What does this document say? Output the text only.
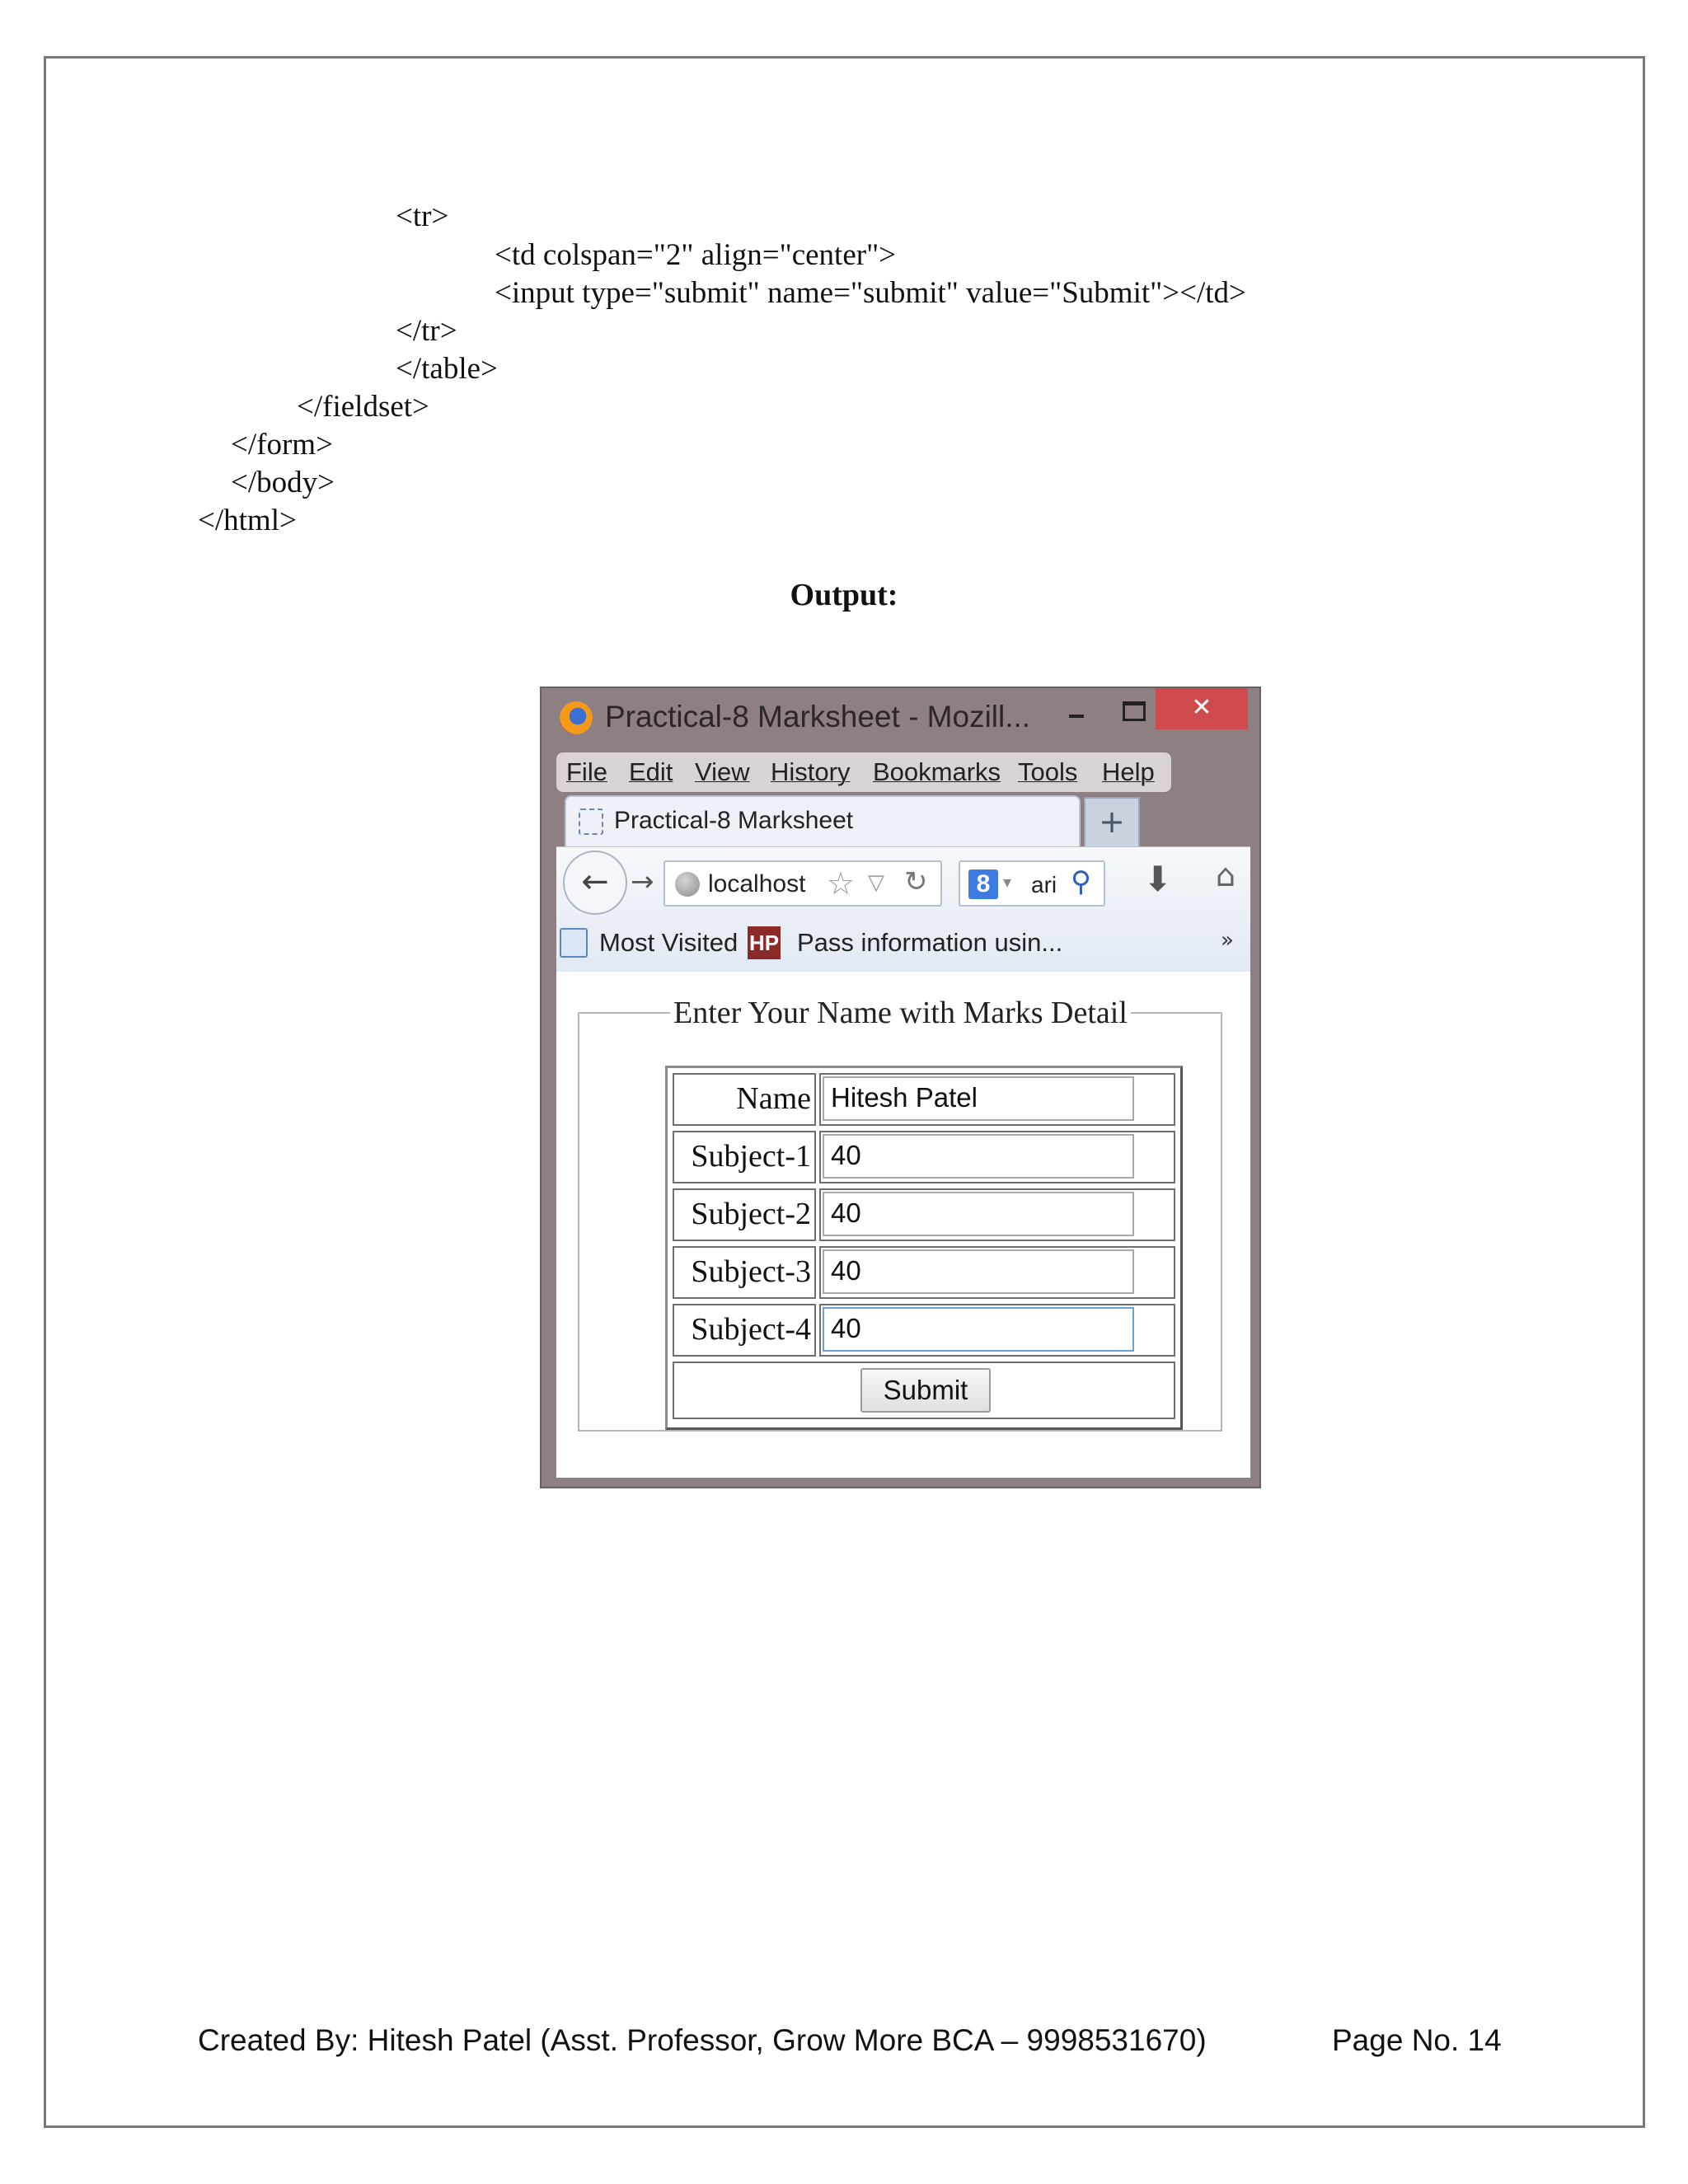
<tr>
<td colspan="2" align="center">
<input type="submit" name="submit" value="Submit"></td>
</tr>
</table>
</fieldset>
</form>
</body>
</html>
Output:
Practical-8 Marksheet - Mozill...	✕
File Edit View History Bookmarks Tools Help
Practical-8 Marksheet	+
← → localhost ☆ ▽ ↻	8 ▾ ari ⚲ ⬇ ⌂
Most Visited HP Pass information usin...	»
Enter Your Name with Marks Detail
Name Hitesh Patel
Subject-1 40
Subject-2 40
Subject-3 40
Subject-4 40
Submit
Created By: Hitesh Patel (Asst. Professor, Grow More BCA – 9998531670)	Page No. 14
